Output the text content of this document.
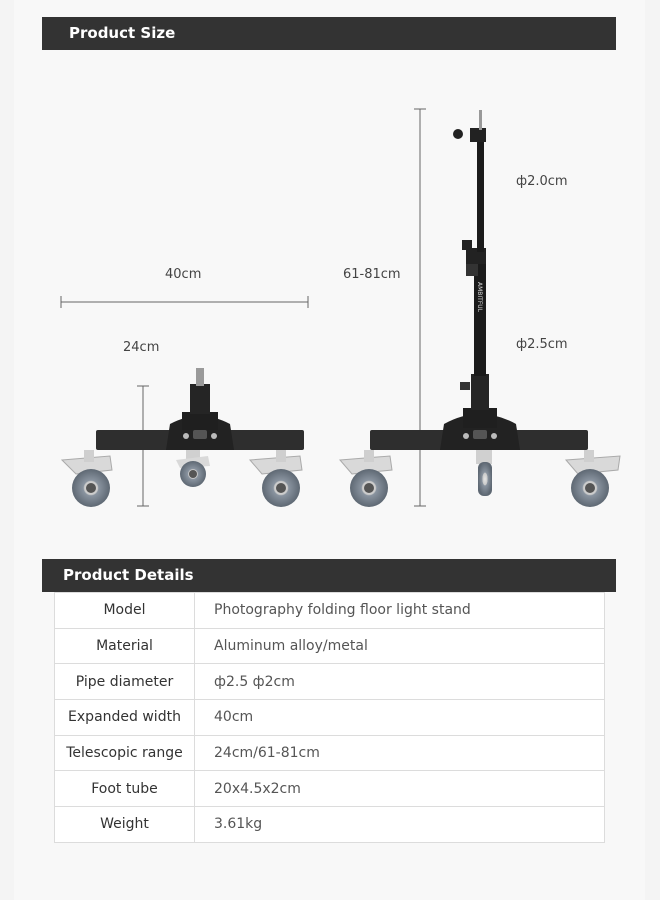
Product Size
40cm
24cm
61-81cm
ф2.0cm
ф2.5cm
AMBITFUL
Product Details
Model	Photography folding floor light stand
Material	Aluminum alloy/metal
Pipe diameter	ф2.5 ф2cm
Expanded width	40cm
Telescopic range	24cm/61-81cm
Foot tube	20x4.5x2cm
Weight	3.61kg
